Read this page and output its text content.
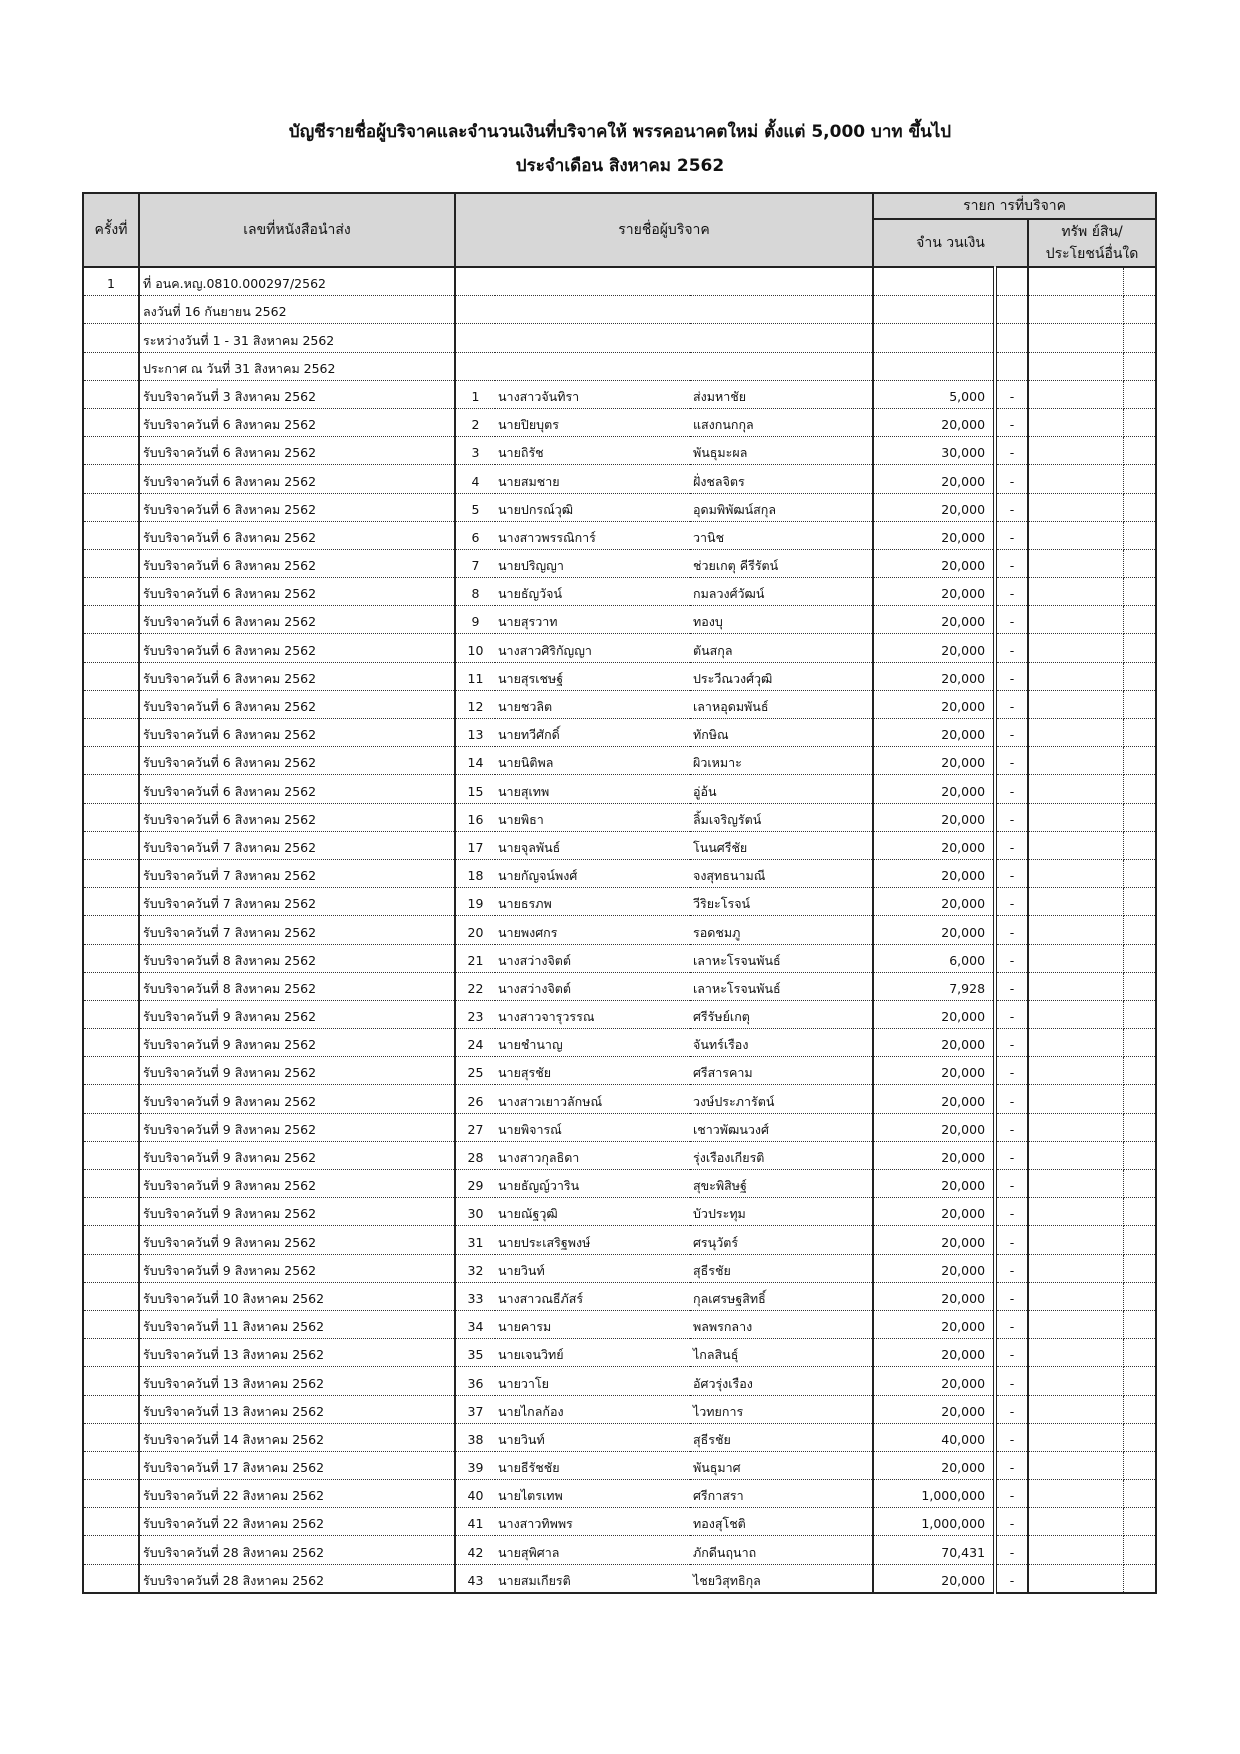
บัญชีรายชื่อผู้บริจาคและจำนวนเงินที่บริจาคให้ พรรคอนาคตใหม่ ตั้งแต่ 5,000 บาท ขึ้นไป
ประจำเดือน สิงหาคม 2562
ครั้งที่	เลขที่หนังสือนำส่ง	รายชื่อผู้บริจาค			รายก ารที่บริจาค			
					จำน วนเงิน		ทรัพ ย์สิน/
ประโยชน์อื่นใด	

1	ที่ อนค.หญ.0810.000297/2562							
	ลงวันที่ 16 กันยายน 2562							
	ระหว่างวันที่ 1 - 31 สิงหาคม 2562							
	ประกาศ ณ วันที่ 31 สิงหาคม 2562							
	รับบริจาควันที่ 3 สิงหาคม 2562	1	นางสาวจันทิรา	ส่งมหาชัย	5,000	-		
	รับบริจาควันที่ 6 สิงหาคม 2562	2	นายปิยบุตร	แสงกนกกุล	20,000	-		
	รับบริจาควันที่ 6 สิงหาคม 2562	3	นายถิรัช	พันธุมะผล	30,000	-		
	รับบริจาควันที่ 6 สิงหาคม 2562	4	นายสมชาย	ฝั่งชลจิตร	20,000	-		
	รับบริจาควันที่ 6 สิงหาคม 2562	5	นายปกรณ์วุฒิ	อุดมพิพัฒน์สกุล	20,000	-		
	รับบริจาควันที่ 6 สิงหาคม 2562	6	นางสาวพรรณิการ์	วานิช	20,000	-		
	รับบริจาควันที่ 6 สิงหาคม 2562	7	นายปริญญา	ช่วยเกตุ คีรีรัตน์	20,000	-		
	รับบริจาควันที่ 6 สิงหาคม 2562	8	นายธัญวัจน์	กมลวงศ์วัฒน์	20,000	-		
	รับบริจาควันที่ 6 สิงหาคม 2562	9	นายสุรวาท	ทองบุ	20,000	-		
	รับบริจาควันที่ 6 สิงหาคม 2562	10	นางสาวศิริกัญญา	ตันสกุล	20,000	-		
	รับบริจาควันที่ 6 สิงหาคม 2562	11	นายสุรเชษฐ์	ประวีณวงศ์วุฒิ	20,000	-		
	รับบริจาควันที่ 6 สิงหาคม 2562	12	นายชวลิต	เลาหอุดมพันธ์	20,000	-		
	รับบริจาควันที่ 6 สิงหาคม 2562	13	นายทวีศักดิ์	ทักษิณ	20,000	-		
	รับบริจาควันที่ 6 สิงหาคม 2562	14	นายนิติพล	ผิวเหมาะ	20,000	-		
	รับบริจาควันที่ 6 สิงหาคม 2562	15	นายสุเทพ	อู่อ้น	20,000	-		
	รับบริจาควันที่ 6 สิงหาคม 2562	16	นายพิธา	ลิ้มเจริญรัตน์	20,000	-		
	รับบริจาควันที่ 7 สิงหาคม 2562	17	นายจุลพันธ์	โนนศรีชัย	20,000	-		
	รับบริจาควันที่ 7 สิงหาคม 2562	18	นายกัญจน์พงศ์	จงสุทธนามณี	20,000	-		
	รับบริจาควันที่ 7 สิงหาคม 2562	19	นายธรภพ	วีริยะโรจน์	20,000	-		
	รับบริจาควันที่ 7 สิงหาคม 2562	20	นายพงศกร	รอดชมภู	20,000	-		
	รับบริจาควันที่ 8 สิงหาคม 2562	21	นางสว่างจิตต์	เลาหะโรจนพันธ์	6,000	-		
	รับบริจาควันที่ 8 สิงหาคม 2562	22	นางสว่างจิตต์	เลาหะโรจนพันธ์	7,928	-		
	รับบริจาควันที่ 9 สิงหาคม 2562	23	นางสาวจารุวรรณ	ศรีรัษย์เกตุ	20,000	-		
	รับบริจาควันที่ 9 สิงหาคม 2562	24	นายชำนาญ	จันทร์เรือง	20,000	-		
	รับบริจาควันที่ 9 สิงหาคม 2562	25	นายสุรชัย	ศรีสารคาม	20,000	-		
	รับบริจาควันที่ 9 สิงหาคม 2562	26	นางสาวเยาวลักษณ์	วงษ์ประภารัตน์	20,000	-		
	รับบริจาควันที่ 9 สิงหาคม 2562	27	นายพิจารณ์	เชาวพัฒนวงศ์	20,000	-		
	รับบริจาควันที่ 9 สิงหาคม 2562	28	นางสาวกุลธิดา	รุ่งเรืองเกียรติ	20,000	-		
	รับบริจาควันที่ 9 สิงหาคม 2562	29	นายธัญญ์วาริน	สุขะพิสิษฐ์	20,000	-		
	รับบริจาควันที่ 9 สิงหาคม 2562	30	นายณัฐวุฒิ	บัวประทุม	20,000	-		
	รับบริจาควันที่ 9 สิงหาคม 2562	31	นายประเสริฐพงษ์	ศรนุวัตร์	20,000	-		
	รับบริจาควันที่ 9 สิงหาคม 2562	32	นายวินท์	สุธีรชัย	20,000	-		
	รับบริจาควันที่ 10 สิงหาคม 2562	33	นางสาวณธีภัสร์	กุลเศรษฐสิทธิ์	20,000	-		
	รับบริจาควันที่ 11 สิงหาคม 2562	34	นายคารม	พลพรกลาง	20,000	-		
	รับบริจาควันที่ 13 สิงหาคม 2562	35	นายเจนวิทย์	ไกลสินธุ์	20,000	-		
	รับบริจาควันที่ 13 สิงหาคม 2562	36	นายวาโย	อัศวรุ่งเรือง	20,000	-		
	รับบริจาควันที่ 13 สิงหาคม 2562	37	นายไกลก้อง	ไวทยการ	20,000	-		
	รับบริจาควันที่ 14 สิงหาคม 2562	38	นายวินท์	สุธีรชัย	40,000	-		
	รับบริจาควันที่ 17 สิงหาคม 2562	39	นายธีรัชชัย	พันธุมาศ	20,000	-		
	รับบริจาควันที่ 22 สิงหาคม 2562	40	นายไตรเทพ	ศรีกาสรา	1,000,000	-		
	รับบริจาควันที่ 22 สิงหาคม 2562	41	นางสาวทิพพร	ทองสุโชติ	1,000,000	-		
	รับบริจาควันที่ 28 สิงหาคม 2562	42	นายสุพิศาล	ภักดีนฤนาถ	70,431	-		
	รับบริจาควันที่ 28 สิงหาคม 2562	43	นายสมเกียรติ	ไชยวิสุทธิกุล	20,000	-		
